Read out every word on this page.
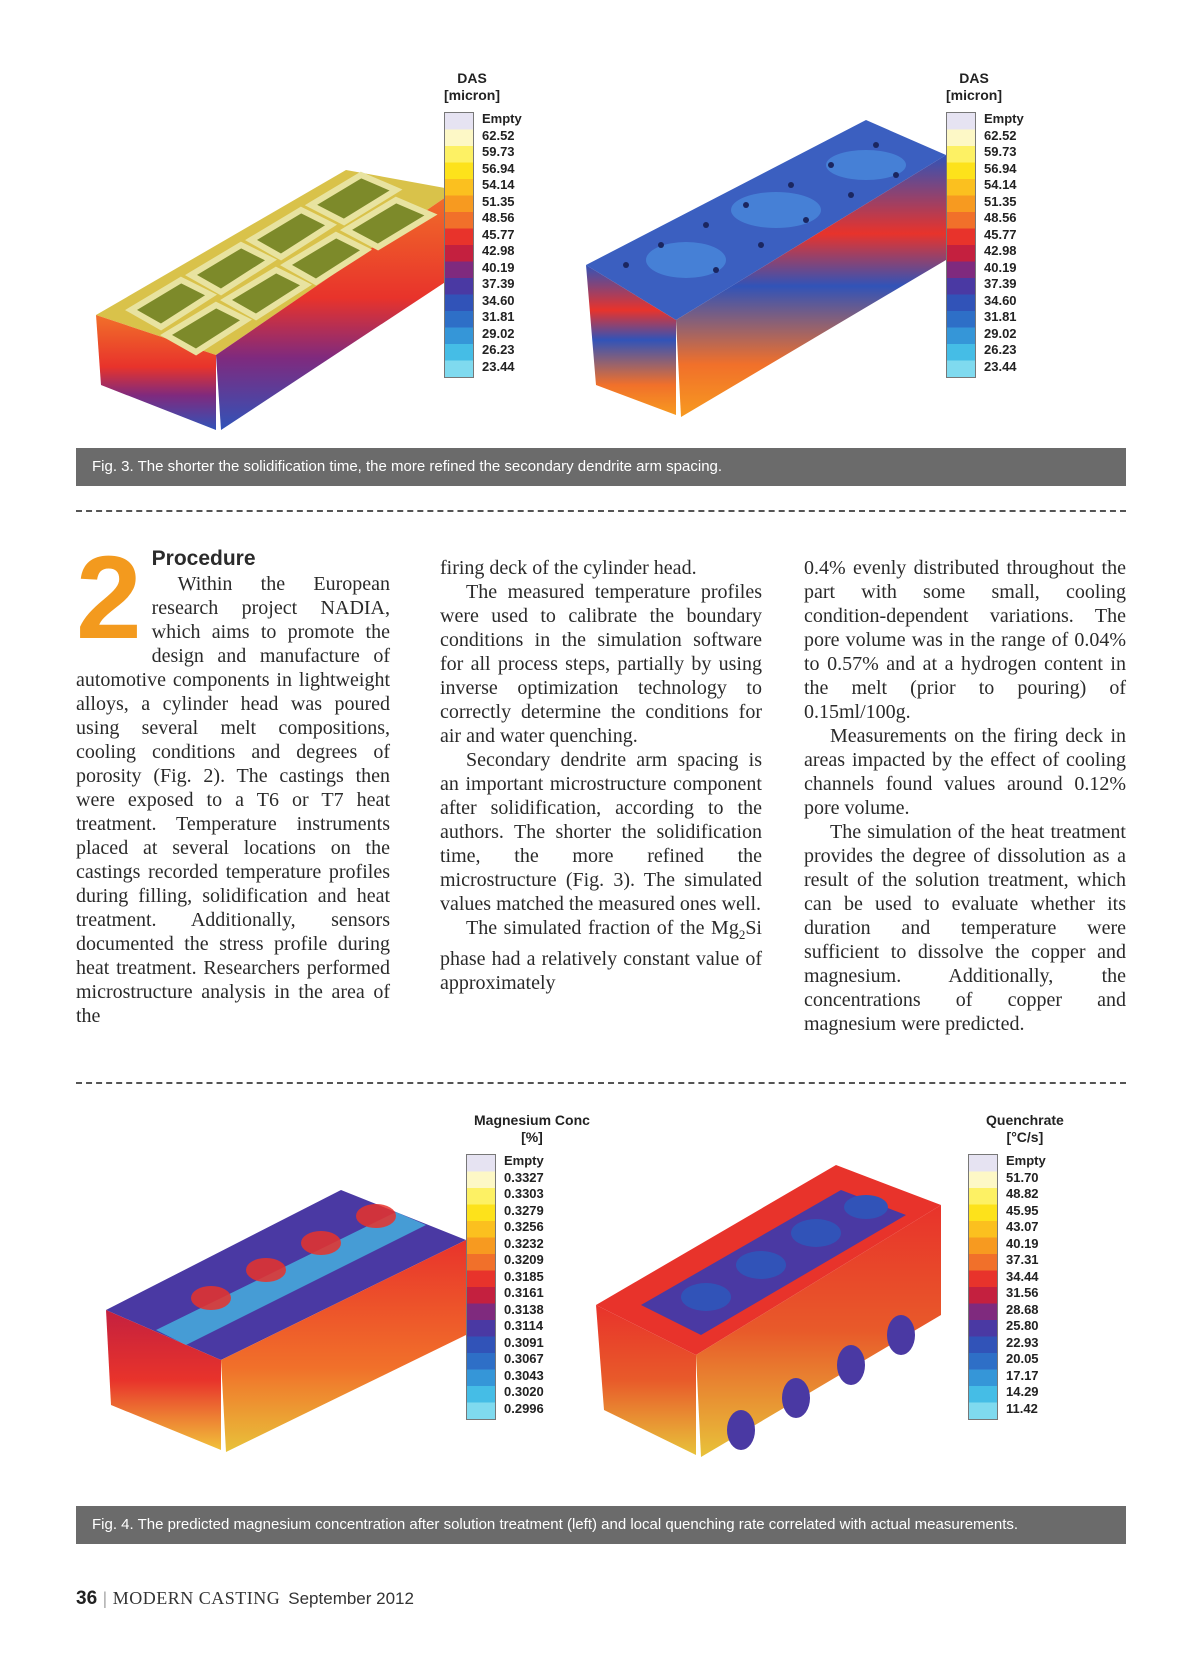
DAS
[micron]
Empty
62.52
59.73
56.94
54.14
51.35
48.56
45.77
42.98
40.19
37.39
34.60
31.81
29.02
26.23
23.44
DAS
[micron]
Empty
62.52
59.73
56.94
54.14
51.35
48.56
45.77
42.98
40.19
37.39
34.60
31.81
29.02
26.23
23.44
Fig. 3. The shorter the solidification time, the more refined the secondary dendrite arm spacing.
2 Procedure

Within the European research project NADIA, which aims to promote the design and manufacture of automotive components in lightweight alloys, a cylinder head was poured using several melt compositions, cooling conditions and degrees of porosity (Fig. 2). The castings then were exposed to a T6 or T7 heat treatment. Temperature instruments placed at several locations on the castings recorded temperature profiles during filling, solidification and heat treatment. Additionally, sensors documented the stress profile during heat treatment. Researchers performed microstructure analysis in the area of the

firing deck of the cylinder head.

The measured temperature profiles were used to calibrate the boundary conditions in the simulation software for all process steps, partially by using inverse optimization technology to correctly determine the conditions for air and water quenching.

Secondary dendrite arm spacing is an important microstructure component after solidification, according to the authors. The shorter the solidification time, the more refined the microstructure (Fig. 3). The simulated values matched the measured ones well.

The simulated fraction of the $Mg_2Si$ phase had a relatively constant value of approximately

0.4% evenly distributed throughout the part with some small, cooling condition-dependent variations. The pore volume was in the range of 0.04% to 0.57% and at a hydrogen content in the melt (prior to pouring) of 0.15ml/100g.

Measurements on the firing deck in areas impacted by the effect of cooling channels found values around 0.12% pore volume.

The simulation of the heat treatment provides the degree of dissolution as a result of the solution treatment, which can be used to evaluate whether its duration and temperature were sufficient to dissolve the copper and magnesium. Additionally, the concentrations of copper and magnesium were predicted.

Magnesium Conc
[%]
Empty
0.3327
0.3303
0.3279
0.3256
0.3232
0.3209
0.3185
0.3161
0.3138
0.3114
0.3091
0.3067
0.3043
0.3020
0.2996
Quenchrate
[°C/s]
Empty
51.70
48.82
45.95
43.07
40.19
37.31
34.44
31.56
28.68
25.80
22.93
20.05
17.17
14.29
11.42
Fig. 4. The predicted magnesium concentration after solution treatment (left) and local quenching rate correlated with actual measurements.
36 | MODERN CASTING September 2012
